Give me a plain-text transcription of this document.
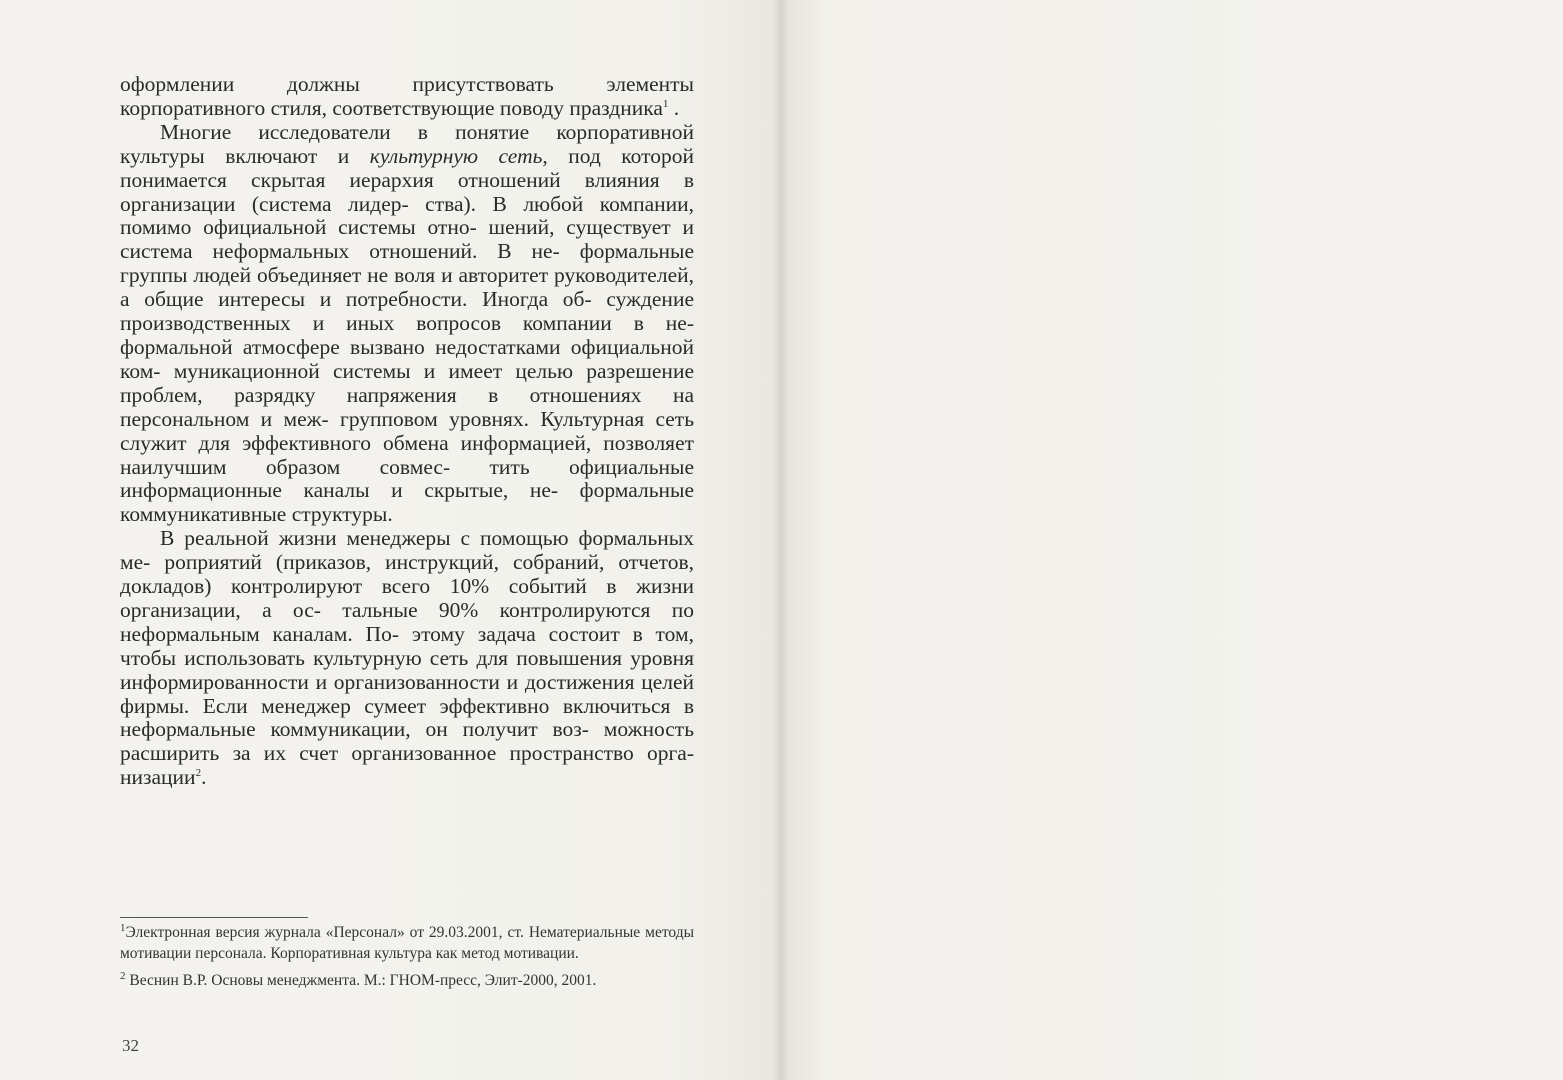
оформлении должны присутствовать элементы корпоративного стиля, соответствующие поводу праздника$^1$ .

Многие исследователи в понятие корпоративной культуры включают и культурную сеть, под которой понимается скрытая иерархия отношений влияния в организации (система лидер- ства). В любой компании, помимо официальной системы отно- шений, существует и система неформальных отношений. В не- формальные группы людей объединяет не воля и авторитет руководителей, а общие интересы и потребности. Иногда об- суждение производственных и иных вопросов компании в не- формальной атмосфере вызвано недостатками официальной ком- муникационной системы и имеет целью разрешение проблем, разрядку напряжения в отношениях на персональном и меж- групповом уровнях. Культурная сеть служит для эффективного обмена информацией, позволяет наилучшим образом совмес- тить официальные информационные каналы и скрытые, не- формальные коммуникативные структуры.

В реальной жизни менеджеры с помощью формальных ме- роприятий (приказов, инструкций, собраний, отчетов, докладов) контролируют всего 10% событий в жизни организации, а ос- тальные 90% контролируются по неформальным каналам. По- этому задача состоит в том, чтобы использовать культурную сеть для повышения уровня информированности и организованности и достижения целей фирмы. Если менеджер сумеет эффективно включиться в неформальные коммуникации, он получит воз- можность расширить за их счет организованное пространство орга- низации$^2$.

$^1$Электронная версия журнала «Персонал» от 29.03.2001, ст. Нематериальные методы мотивации персонала. Корпоративная культура как метод мотивации.

$^2$ Веснин В.Р. Основы менеджмента. М.: ГНОМ-пресс, Элит-2000, 2001.

32
